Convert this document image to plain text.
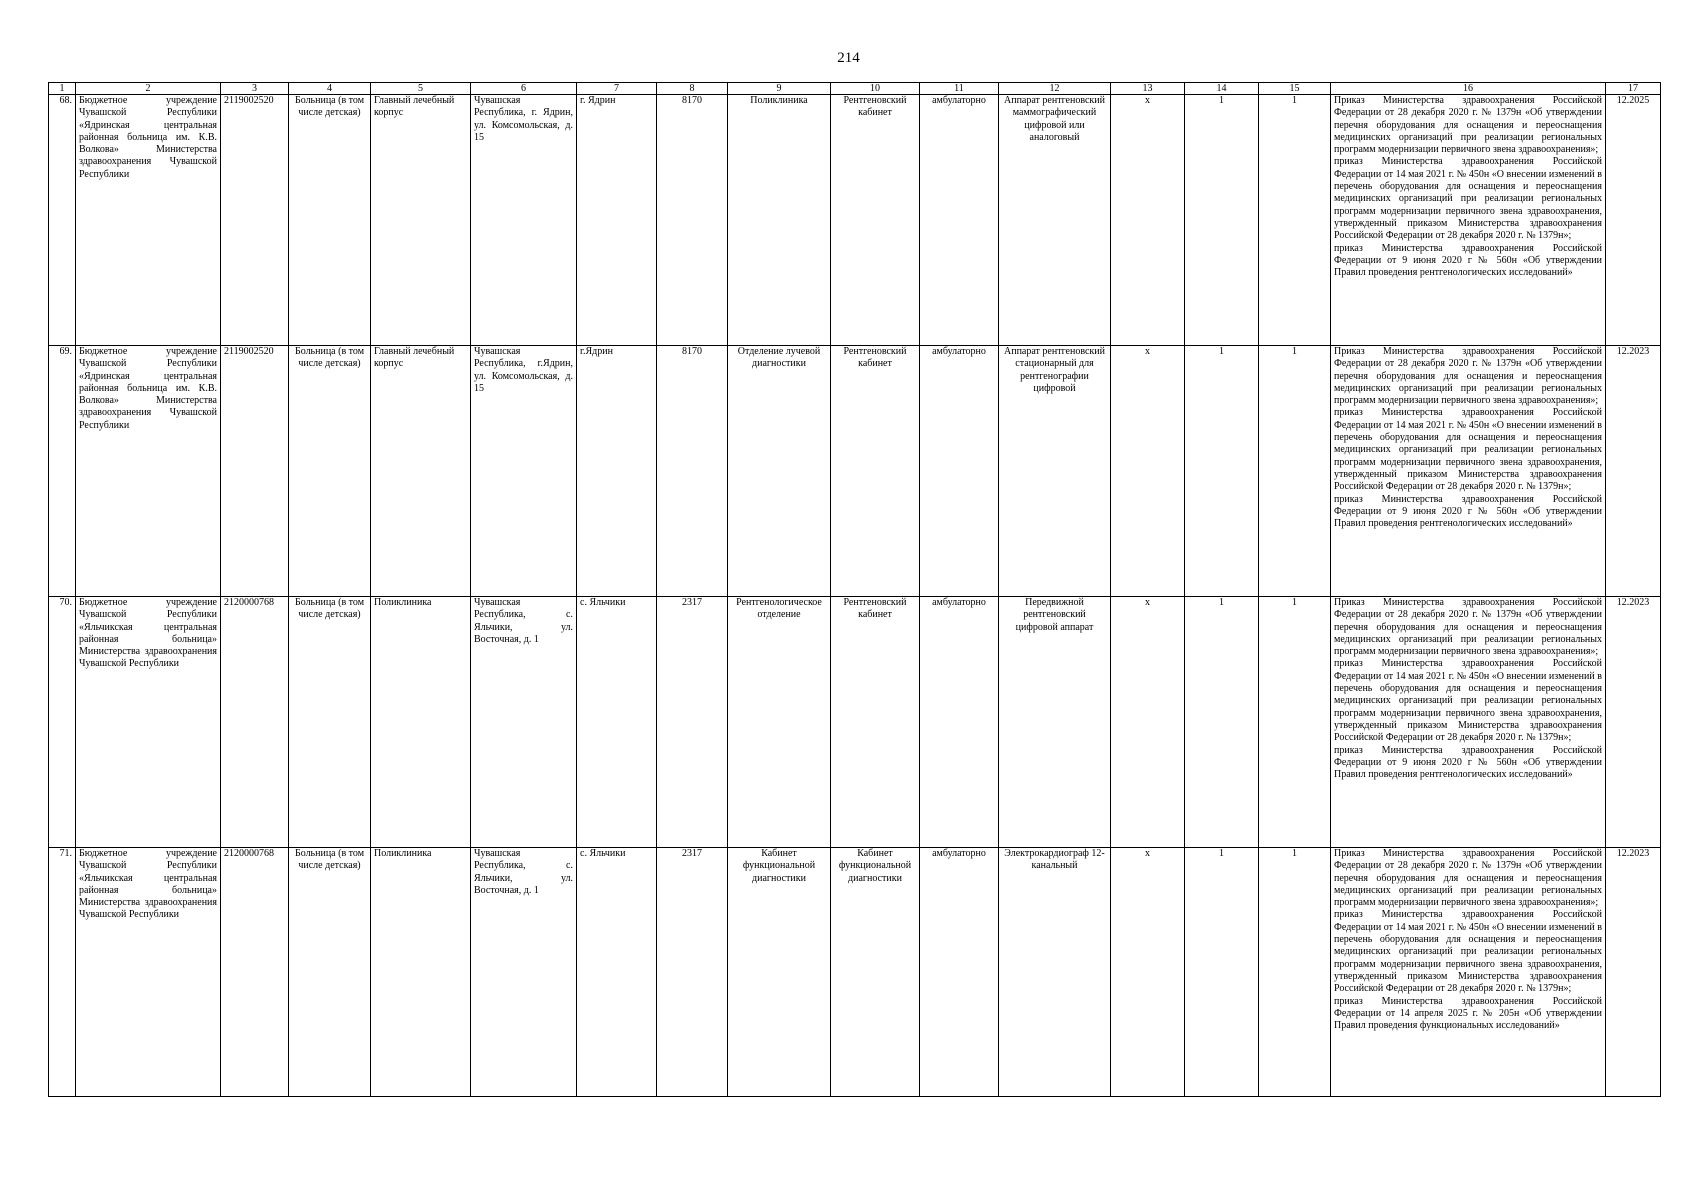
214
1	2	3	4	5	6	7	8	9	10	11	12	13	14	15	16	17
68.	Бюджетное учреждение Чувашской Республики «Ядринская центральная районная больница им. К.В. Волкова» Министерства здравоохранения Чувашской Республики	2119002520	Больница (в том числе детская)	Главный лечебный корпус	Чувашская Республика, г. Ядрин, ул. Комсомольская, д. 15	г. Ядрин	8170	Поликлиника	Рентгеновский кабинет	амбулаторно	Аппарат рентгеновский маммографический цифровой или аналоговый	х	1	1	Приказ Министерства здравоохранения Российской Федерации от 28 декабря 2020 г. № 1379н «Об утверждении перечня оборудования для оснащения и переоснащения медицинских организаций при реализации региональных программ модернизации первичного звена здравоохранения»;
приказ Министерства здравоохранения Российской Федерации от 14 мая 2021 г. № 450н «О внесении изменений в перечень оборудования для оснащения и переоснащения медицинских организаций при реализации региональных программ модернизации первичного звена здравоохранения, утвержденный приказом Министерства здравоохранения Российской Федерации от 28 декабря 2020 г. № 1379н»;
приказ Министерства здравоохранения Российской Федерации от 9 июня 2020 г № 560н «Об утверждении Правил проведения рентгенологических исследований»	12.2025
69.	Бюджетное учреждение Чувашской Республики «Ядринская центральная районная больница им. К.В. Волкова» Министерства здравоохранения Чувашской Республики	2119002520	Больница (в том числе детская)	Главный лечебный корпус	Чувашская Республика, г.Ядрин, ул. Комсомольская, д. 15	г.Ядрин	8170	Отделение лучевой диагностики	Рентгеновский кабинет	амбулаторно	Аппарат рентгеновский стационарный для рентгенографии цифровой	х	1	1	Приказ Министерства здравоохранения Российской Федерации от 28 декабря 2020 г. № 1379н «Об утверждении перечня оборудования для оснащения и переоснащения медицинских организаций при реализации региональных программ модернизации первичного звена здравоохранения»;
приказ Министерства здравоохранения Российской Федерации от 14 мая 2021 г. № 450н «О внесении изменений в перечень оборудования для оснащения и переоснащения медицинских организаций при реализации региональных программ модернизации первичного звена здравоохранения, утвержденный приказом Министерства здравоохранения Российской Федерации от 28 декабря 2020 г. № 1379н»;
приказ Министерства здравоохранения Российской Федерации от 9 июня 2020 г № 560н «Об утверждении Правил проведения рентгенологических исследований»	12.2023
70.	Бюджетное учреждение Чувашской Республики «Яльчикская центральная районная больница» Министерства здравоохранения Чувашской Республики	2120000768	Больница (в том числе детская)	Поликлиника	Чувашская Республика, с. Яльчики, ул. Восточная, д. 1	с. Яльчики	2317	Рентгенологическое отделение	Рентгеновский кабинет	амбулаторно	Передвижной рентгеновский цифровой аппарат	х	1	1	Приказ Министерства здравоохранения Российской Федерации от 28 декабря 2020 г. № 1379н «Об утверждении перечня оборудования для оснащения и переоснащения медицинских организаций при реализации региональных программ модернизации первичного звена здравоохранения»;
приказ Министерства здравоохранения Российской Федерации от 14 мая 2021 г. № 450н «О внесении изменений в перечень оборудования для оснащения и переоснащения медицинских организаций при реализации региональных программ модернизации первичного звена здравоохранения, утвержденный приказом Министерства здравоохранения Российской Федерации от 28 декабря 2020 г. № 1379н»;
приказ Министерства здравоохранения Российской Федерации от 9 июня 2020 г № 560н «Об утверждении Правил проведения рентгенологических исследований»	12.2023
71.	Бюджетное учреждение Чувашской Республики «Яльчикская центральная районная больница» Министерства здравоохранения Чувашской Республики	2120000768	Больница (в том числе детская)	Поликлиника	Чувашская Республика, с. Яльчики, ул. Восточная, д. 1	с. Яльчики	2317	Кабинет функциональной диагностики	Кабинет функциональной диагностики	амбулаторно	Электрокардиограф 12-канальный	х	1	1	Приказ Министерства здравоохранения Российской Федерации от 28 декабря 2020 г. № 1379н «Об утверждении перечня оборудования для оснащения и переоснащения медицинских организаций при реализации региональных программ модернизации первичного звена здравоохранения»;
приказ Министерства здравоохранения Российской Федерации от 14 мая 2021 г. № 450н «О внесении изменений в перечень оборудования для оснащения и переоснащения медицинских организаций при реализации региональных программ модернизации первичного звена здравоохранения, утвержденный приказом Министерства здравоохранения Российской Федерации от 28 декабря 2020 г. № 1379н»;
приказ Министерства здравоохранения Российской Федерации от 14 апреля 2025 г. № 205н «Об утверждении Правил проведения функциональных исследований»	12.2023
